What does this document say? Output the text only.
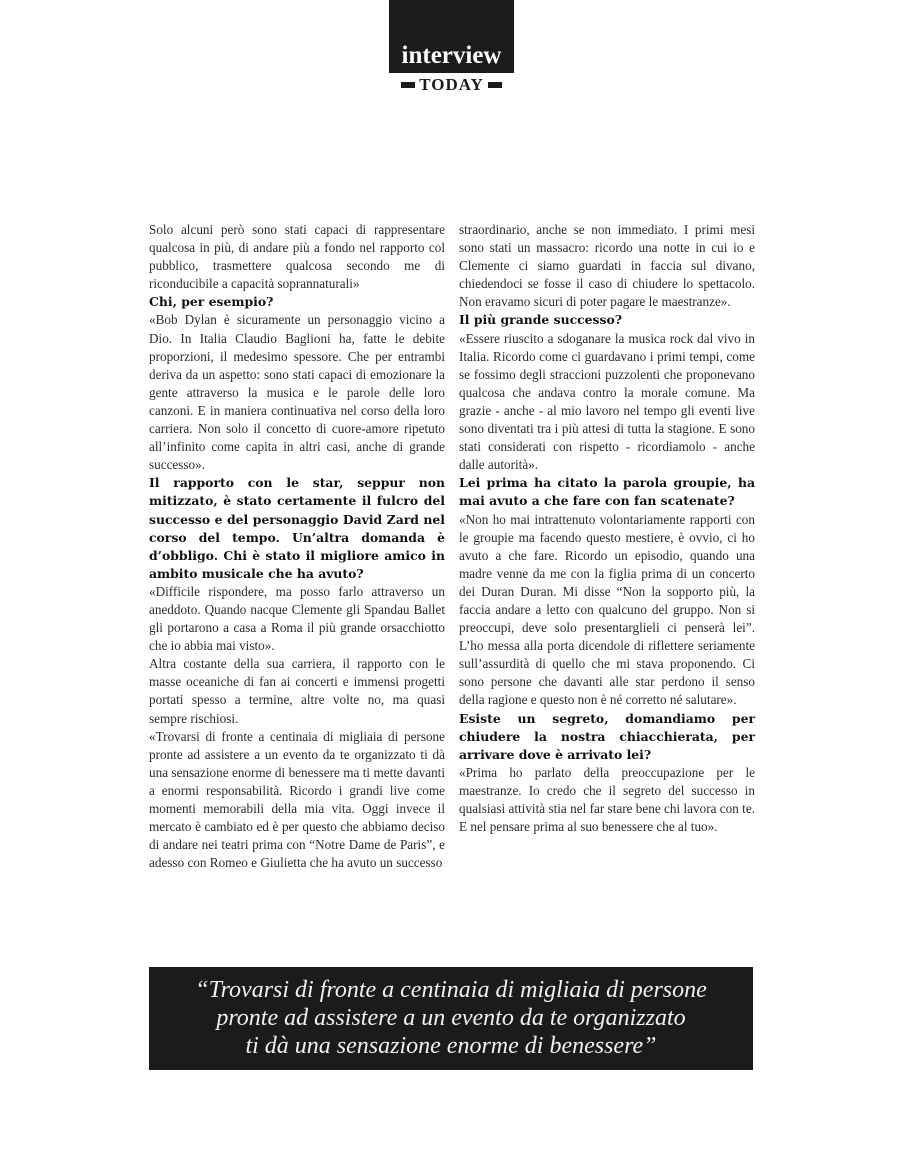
interview
TODAY

Solo alcuni però sono stati capaci di rappresentare qualcosa in più, di andare più a fondo nel rapporto col pubblico, trasmettere qualcosa secondo me di riconducibile a capacità soprannaturali»

Chi, per esempio?

«Bob Dylan è sicuramente un personaggio vicino a Dio. In Italia Claudio Baglioni ha, fatte le debite proporzioni, il medesimo spessore. Che per entrambi deriva da un aspetto: sono stati capaci di emozionare la gente attraverso la musica e le parole delle loro canzoni. E in maniera continuativa nel corso della loro carriera. Non solo il concetto di cuore-amore ripetuto all’infinito come capita in altri casi, anche di grande successo».

Il rapporto con le star, seppur non mitizzato, è stato certamente il fulcro del successo e del personaggio David Zard nel corso del tempo. Un’altra domanda è d’obbligo. Chi è stato il migliore amico in ambito musicale che ha avuto?

«Difficile rispondere, ma posso farlo attraverso un aneddoto. Quando nacque Clemente gli Spandau Ballet gli portarono a casa a Roma il più grande orsacchiotto che io abbia mai visto».

Altra costante della sua carriera, il rapporto con le masse oceaniche di fan ai concerti e immensi progetti portati spesso a termine, altre volte no, ma quasi sempre rischiosi.

«Trovarsi di fronte a centinaia di migliaia di persone pronte ad assistere a un evento da te organizzato ti dà una sensazione enorme di benessere ma ti mette davanti a enormi responsabilità. Ricordo i grandi live come momenti memorabili della mia vita. Oggi invece il mercato è cambiato ed è per questo che abbiamo deciso di andare nei teatri prima con “Notre Dame de Paris”, e adesso con Romeo e Giulietta che ha avuto un successo

straordinario, anche se non immediato. I primi mesi sono stati un massacro: ricordo una notte in cui io e Clemente ci siamo guardati in faccia sul divano, chiedendoci se fosse il caso di chiudere lo spettacolo. Non eravamo sicuri di poter pagare le maestranze».

Il più grande successo?

«Essere riuscito a sdoganare la musica rock dal vivo in Italia. Ricordo come ci guardavano i primi tempi, come se fossimo degli straccioni puzzolenti che proponevano qualcosa che andava contro la morale comune. Ma grazie - anche - al mio lavoro nel tempo gli eventi live sono diventati tra i più attesi di tutta la stagione. E sono stati considerati con rispetto - ricordiamolo - anche dalle autorità».

Lei prima ha citato la parola groupie, ha mai avuto a che fare con fan scatenate?

«Non ho mai intrattenuto volontariamente rapporti con le groupie ma facendo questo mestiere, è ovvio, ci ho avuto a che fare. Ricordo un episodio, quando una madre venne da me con la figlia prima di un concerto dei Duran Duran. Mi disse “Non la sopporto più, la faccia andare a letto con qualcuno del gruppo. Non si preoccupi, deve solo presentarglieli ci penserà lei”. L’ho messa alla porta dicendole di riflettere seriamente sull’assurdità di quello che mi stava proponendo. Ci sono persone che davanti alle star perdono il senso della ragione e questo non è né corretto né salutare».

Esiste un segreto, domandiamo per chiudere la nostra chiacchierata, per arrivare dove è arrivato lei?

«Prima ho parlato della preoccupazione per le maestranze. Io credo che il segreto del successo in qualsiasi attività stia nel far stare bene chi lavora con te. E nel pensare prima al suo benessere che al tuo».

“Trovarsi di fronte a centinaia di migliaia di persone
pronte ad assistere a un evento da te organizzato
ti dà una sensazione enorme di benessere”
